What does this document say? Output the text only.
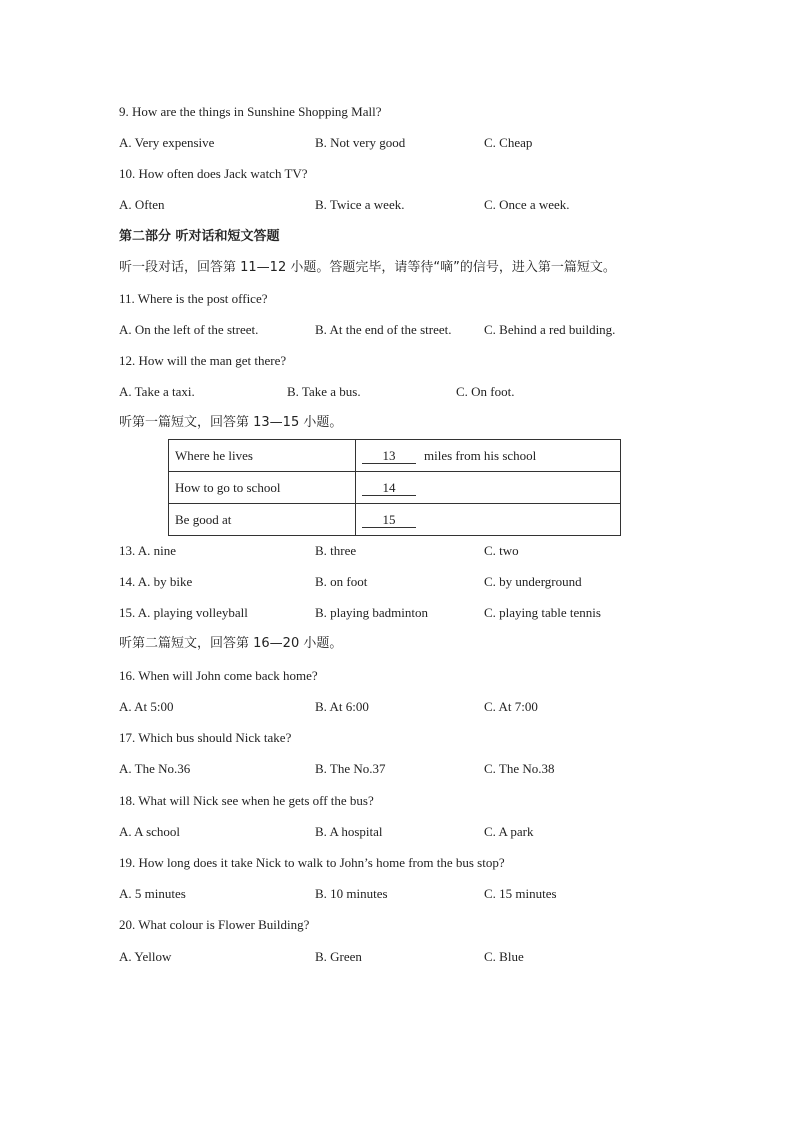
9. How are the things in Sunshine Shopping Mall?
A. Very expensive	B. Not very good	C. Cheap
10. How often does Jack watch TV?
A. Often	B. Twice a week.	C. Once a week.
第二部分 听对话和短文答题
听一段对话，回答第 11—12 小题。答题完毕，请等待“嘀”的信号，进入第一篇短文。
11. Where is the post office?
A. On the left of the street.	B. At the end of the street.	C. Behind a red building.
12. How will the man get there?
A. Take a taxi.	B. Take a bus.	C. On foot.
听第一篇短文，回答第 13—15 小题。
Where he lives	13 miles from his school
How to go to school	14
Be good at	15
13. A. nine	B. three	C. two
14. A. by bike	B. on foot	C. by underground
15. A. playing volleyball	B. playing badminton	C. playing table tennis
听第二篇短文，回答第 16—20 小题。
16. When will John come back home?
A. At 5:00	B. At 6:00	C. At 7:00
17. Which bus should Nick take?
A. The No.36	B. The No.37	C. The No.38
18. What will Nick see when he gets off the bus?
A. A school	B. A hospital	C. A park
19. How long does it take Nick to walk to John’s home from the bus stop?
A. 5 minutes	B. 10 minutes	C. 15 minutes
20. What colour is Flower Building?
A. Yellow	B. Green	C. Blue
